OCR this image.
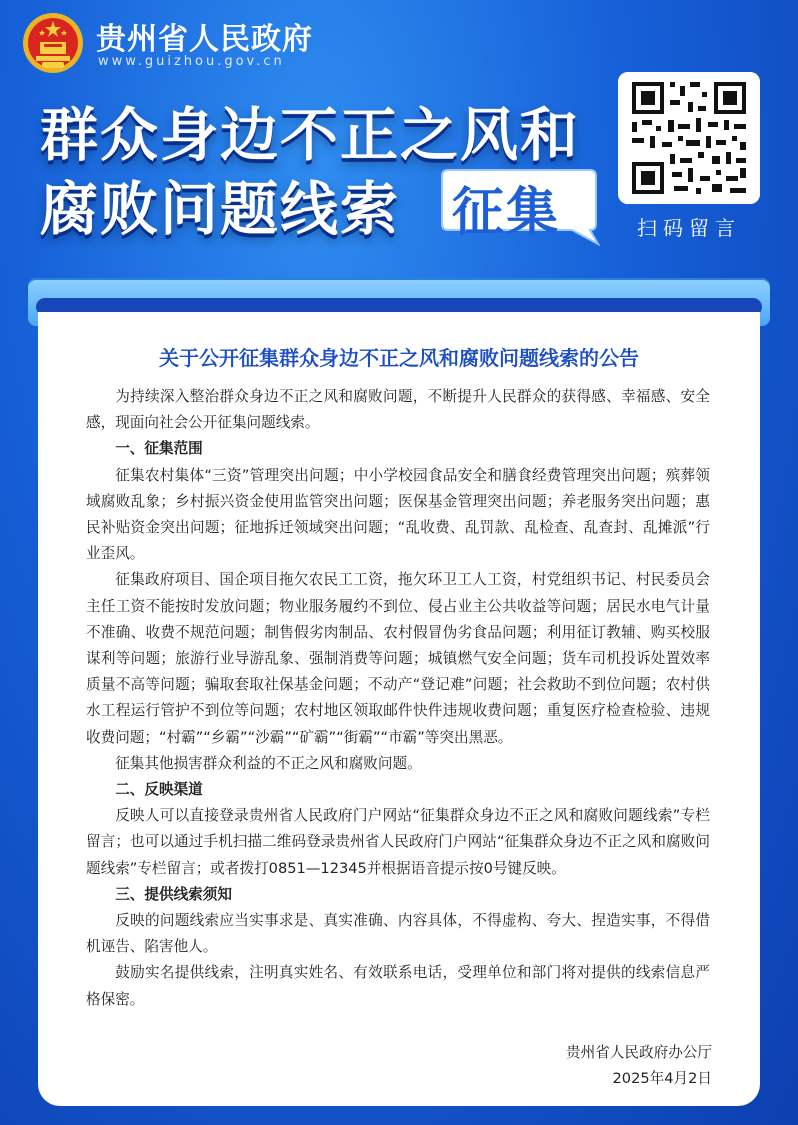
贵州省人民政府
www.guizhou.gov.cn
群众身边不正之风和
腐败问题线索 征集	扫码留言
关于公开征集群众身边不正之风和腐败问题线索的公告

为持续深入整治群众身边不正之风和腐败问题，不断提升人民群众的获得感、幸福感、安全感，现面向社会公开征集问题线索。

一、征集范围

征集农村集体“三资”管理突出问题；中小学校园食品安全和膳食经费管理突出问题；殡葬领域腐败乱象；乡村振兴资金使用监管突出问题；医保基金管理突出问题；养老服务突出问题；惠民补贴资金突出问题；征地拆迁领域突出问题；“乱收费、乱罚款、乱检查、乱查封、乱摊派”行业歪风。

征集政府项目、国企项目拖欠农民工工资，拖欠环卫工人工资，村党组织书记、村民委员会主任工资不能按时发放问题；物业服务履约不到位、侵占业主公共收益等问题；居民水电气计量不准确、收费不规范问题；制售假劣肉制品、农村假冒伪劣食品问题；利用征订教辅、购买校服谋利等问题；旅游行业导游乱象、强制消费等问题；城镇燃气安全问题；货车司机投诉处置效率质量不高等问题；骗取套取社保基金问题；不动产“登记难”问题；社会救助不到位问题；农村供水工程运行管护不到位等问题；农村地区领取邮件快件违规收费问题；重复医疗检查检验、违规收费问题；“村霸”“乡霸”“沙霸”“矿霸”“街霸”“市霸”等突出黑恶。

征集其他损害群众利益的不正之风和腐败问题。

二、反映渠道

反映人可以直接登录贵州省人民政府门户网站“征集群众身边不正之风和腐败问题线索”专栏留言；也可以通过手机扫描二维码登录贵州省人民政府门户网站“征集群众身边不正之风和腐败问题线索”专栏留言；或者拨打0851—12345并根据语音提示按0号键反映。

三、提供线索须知

反映的问题线索应当实事求是、真实准确、内容具体，不得虚构、夸大、捏造实事，不得借机诬告、陷害他人。

鼓励实名提供线索，注明真实姓名、有效联系电话，受理单位和部门将对提供的线索信息严格保密。

贵州省人民政府办公厅
2025年4月2日
